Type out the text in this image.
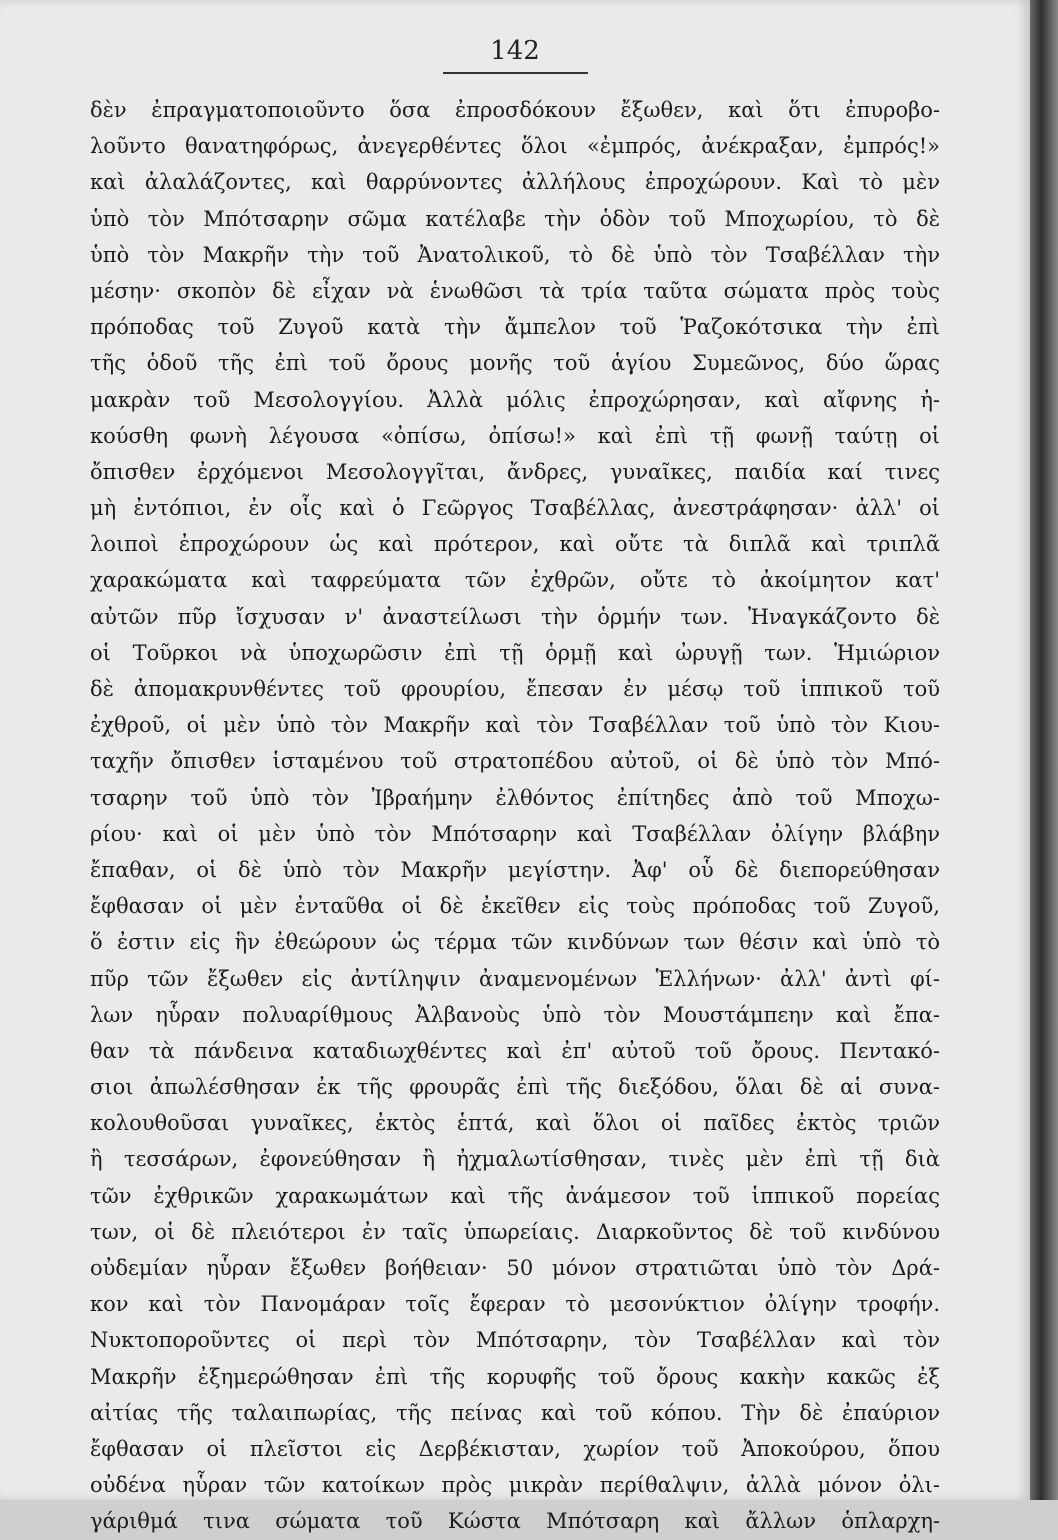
142
δὲν ἐπραγματοποιοῦντο ὅσα ἐπροσδόκουν ἔξωθεν, καὶ ὅτι ἐπυροβο-
λοῦντο θανατηφόρως, ἀνεγερθέντες ὅλοι «ἐμπρός, ἀνέκραξαν, ἐμπρός!»
καὶ ἀλαλάζοντες, καὶ θαρρύνοντες ἀλλήλους ἐπροχώρουν. Καὶ τὸ μὲν
ὑπὸ τὸν Μπότσαρην σῶμα κατέλαβε τὴν ὁδὸν τοῦ Μποχωρίου, τὸ δὲ
ὑπὸ τὸν Μακρῆν τὴν τοῦ Ἀνατολικοῦ, τὸ δὲ ὑπὸ τὸν Τσαβέλλαν τὴν
μέσην· σκοπὸν δὲ εἶχαν νὰ ἑνωθῶσι τὰ τρία ταῦτα σώματα πρὸς τοὺς
πρόποδας τοῦ Ζυγοῦ κατὰ τὴν ἄμπελον τοῦ Ῥαζοκότσικα τὴν ἐπὶ
τῆς ὁδοῦ τῆς ἐπὶ τοῦ ὄρους μονῆς τοῦ ἁγίου Συμεῶνος, δύο ὥρας
μακρὰν τοῦ Μεσολογγίου. Ἀλλὰ μόλις ἐπροχώρησαν, καὶ αἴφνης ἠ-
κούσθη φωνὴ λέγουσα «ὀπίσω, ὀπίσω!» καὶ ἐπὶ τῇ φωνῇ ταύτῃ οἱ
ὄπισθεν ἐρχόμενοι Μεσολογγῖται, ἄνδρες, γυναῖκες, παιδία καί τινες
μὴ ἐντόπιοι, ἐν οἷς καὶ ὁ Γεῶργος Τσαβέλλας, ἀνεστράφησαν· ἀλλ' οἱ
λοιποὶ ἐπροχώρουν ὡς καὶ πρότερον, καὶ οὔτε τὰ διπλᾶ καὶ τριπλᾶ
χαρακώματα καὶ ταφρεύματα τῶν ἐχθρῶν, οὔτε τὸ ἀκοίμητον κατ'
αὐτῶν πῦρ ἴσχυσαν ν' ἀναστείλωσι τὴν ὁρμήν των. Ἠναγκάζοντο δὲ
οἱ Τοῦρκοι νὰ ὑποχωρῶσιν ἐπὶ τῇ ὁρμῇ καὶ ὠρυγῇ των. Ἡμιώριον
δὲ ἀπομακρυνθέντες τοῦ φρουρίου, ἔπεσαν ἐν μέσῳ τοῦ ἱππικοῦ τοῦ
ἐχθροῦ, οἱ μὲν ὑπὸ τὸν Μακρῆν καὶ τὸν Τσαβέλλαν τοῦ ὑπὸ τὸν Κιου-
ταχῆν ὄπισθεν ἱσταμένου τοῦ στρατοπέδου αὐτοῦ, οἱ δὲ ὑπὸ τὸν Μπό-
τσαρην τοῦ ὑπὸ τὸν Ἰβραήμην ἐλθόντος ἐπίτηδες ἀπὸ τοῦ Μποχω-
ρίου· καὶ οἱ μὲν ὑπὸ τὸν Μπότσαρην καὶ Τσαβέλλαν ὀλίγην βλάβην
ἔπαθαν, οἱ δὲ ὑπὸ τὸν Μακρῆν μεγίστην. Ἀφ' οὗ δὲ διεπορεύθησαν
ἔφθασαν οἱ μὲν ἐνταῦθα οἱ δὲ ἐκεῖθεν εἰς τοὺς πρόποδας τοῦ Ζυγοῦ,
ὅ ἐστιν εἰς ἣν ἐθεώρουν ὡς τέρμα τῶν κινδύνων των θέσιν καὶ ὑπὸ τὸ
πῦρ τῶν ἔξωθεν εἰς ἀντίληψιν ἀναμενομένων Ἑλλήνων· ἀλλ' ἀντὶ φί-
λων ηὗραν πολυαρίθμους Ἀλβανοὺς ὑπὸ τὸν Μουστάμπεην καὶ ἔπα-
θαν τὰ πάνδεινα καταδιωχθέντες καὶ ἐπ' αὐτοῦ τοῦ ὄρους. Πεντακό-
σιοι ἀπωλέσθησαν ἐκ τῆς φρουρᾶς ἐπὶ τῆς διεξόδου, ὅλαι δὲ αἱ συνα-
κολουθοῦσαι γυναῖκες, ἐκτὸς ἑπτά, καὶ ὅλοι οἱ παῖδες ἐκτὸς τριῶν
ἢ τεσσάρων, ἐφονεύθησαν ἢ ἠχμαλωτίσθησαν, τινὲς μὲν ἐπὶ τῇ διὰ
τῶν ἐχθρικῶν χαρακωμάτων καὶ τῆς ἀνάμεσον τοῦ ἱππικοῦ πορείας
των, οἱ δὲ πλειότεροι ἐν ταῖς ὑπωρείαις. Διαρκοῦντος δὲ τοῦ κινδύνου
οὐδεμίαν ηὗραν ἔξωθεν βοήθειαν· 50 μόνον στρατιῶται ὑπὸ τὸν Δρά-
κον καὶ τὸν Πανομάραν τοῖς ἔφεραν τὸ μεσονύκτιον ὀλίγην τροφήν.
Νυκτοποροῦντες οἱ περὶ τὸν Μπότσαρην, τὸν Τσαβέλλαν καὶ τὸν
Μακρῆν ἐξημερώθησαν ἐπὶ τῆς κορυφῆς τοῦ ὄρους κακὴν κακῶς ἐξ
αἰτίας τῆς ταλαιπωρίας, τῆς πείνας καὶ τοῦ κόπου. Τὴν δὲ ἐπαύριον
ἔφθασαν οἱ πλεῖστοι εἰς Δερβέκισταν, χωρίον τοῦ Ἀποκούρου, ὅπου
οὐδένα ηὗραν τῶν κατοίκων πρὸς μικρὰν περίθαλψιν, ἀλλὰ μόνον ὀλι-
γάριθμά τινα σώματα τοῦ Κώστα Μπότσαρη καὶ ἄλλων ὁπλαρχη-
